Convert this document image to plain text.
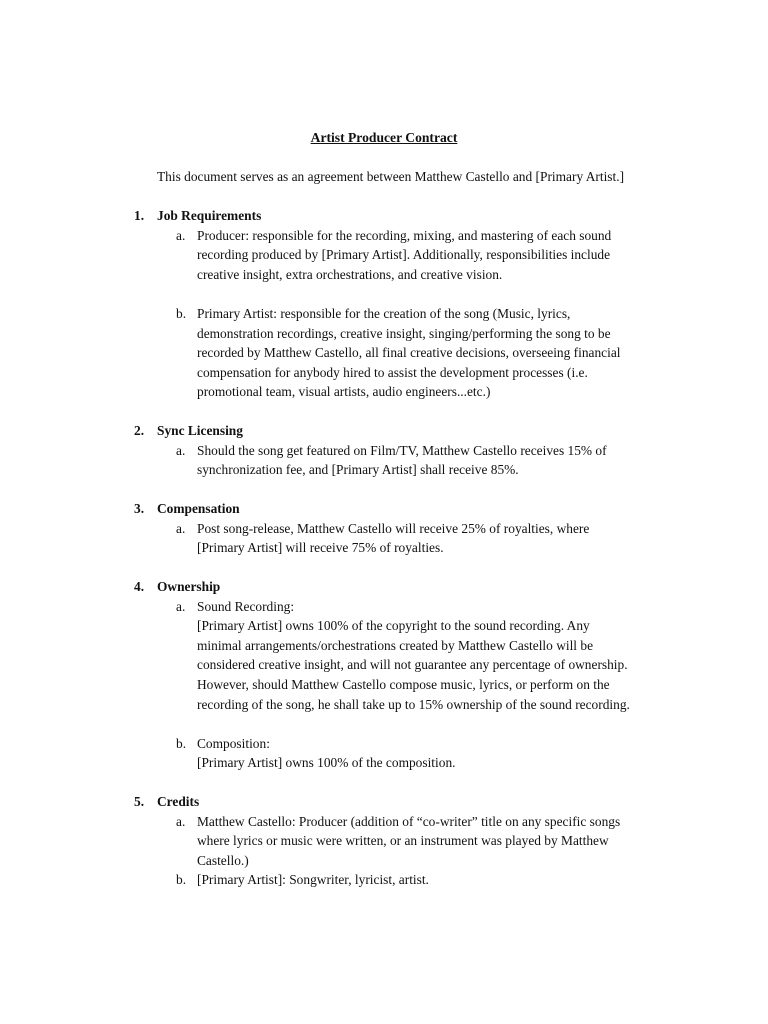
Artist Producer Contract
This document serves as an agreement between Matthew Castello and [Primary Artist.]
1. Job Requirements
a. Producer: responsible for the recording, mixing, and mastering of each sound
recording produced by [Primary Artist]. Additionally, responsibilities include
creative insight, extra orchestrations, and creative vision.
b. Primary Artist: responsible for the creation of the song (Music, lyrics,
demonstration recordings, creative insight, singing/performing the song to be
recorded by Matthew Castello, all final creative decisions, overseeing financial
compensation for anybody hired to assist the development processes (i.e.
promotional team, visual artists, audio engineers...etc.)
2. Sync Licensing
a. Should the song get featured on Film/TV, Matthew Castello receives 15% of
synchronization fee, and [Primary Artist] shall receive 85%.
3. Compensation
a. Post song-release, Matthew Castello will receive 25% of royalties, where
[Primary Artist] will receive 75% of royalties.
4. Ownership
a. Sound Recording:
[Primary Artist] owns 100% of the copyright to the sound recording. Any
minimal arrangements/orchestrations created by Matthew Castello will be
considered creative insight, and will not guarantee any percentage of ownership.
However, should Matthew Castello compose music, lyrics, or perform on the
recording of the song, he shall take up to 15% ownership of the sound recording.
b. Composition:
[Primary Artist] owns 100% of the composition.
5. Credits
a. Matthew Castello: Producer (addition of “co-writer” title on any specific songs
where lyrics or music were written, or an instrument was played by Matthew
Castello.)
b. [Primary Artist]: Songwriter, lyricist, artist.
